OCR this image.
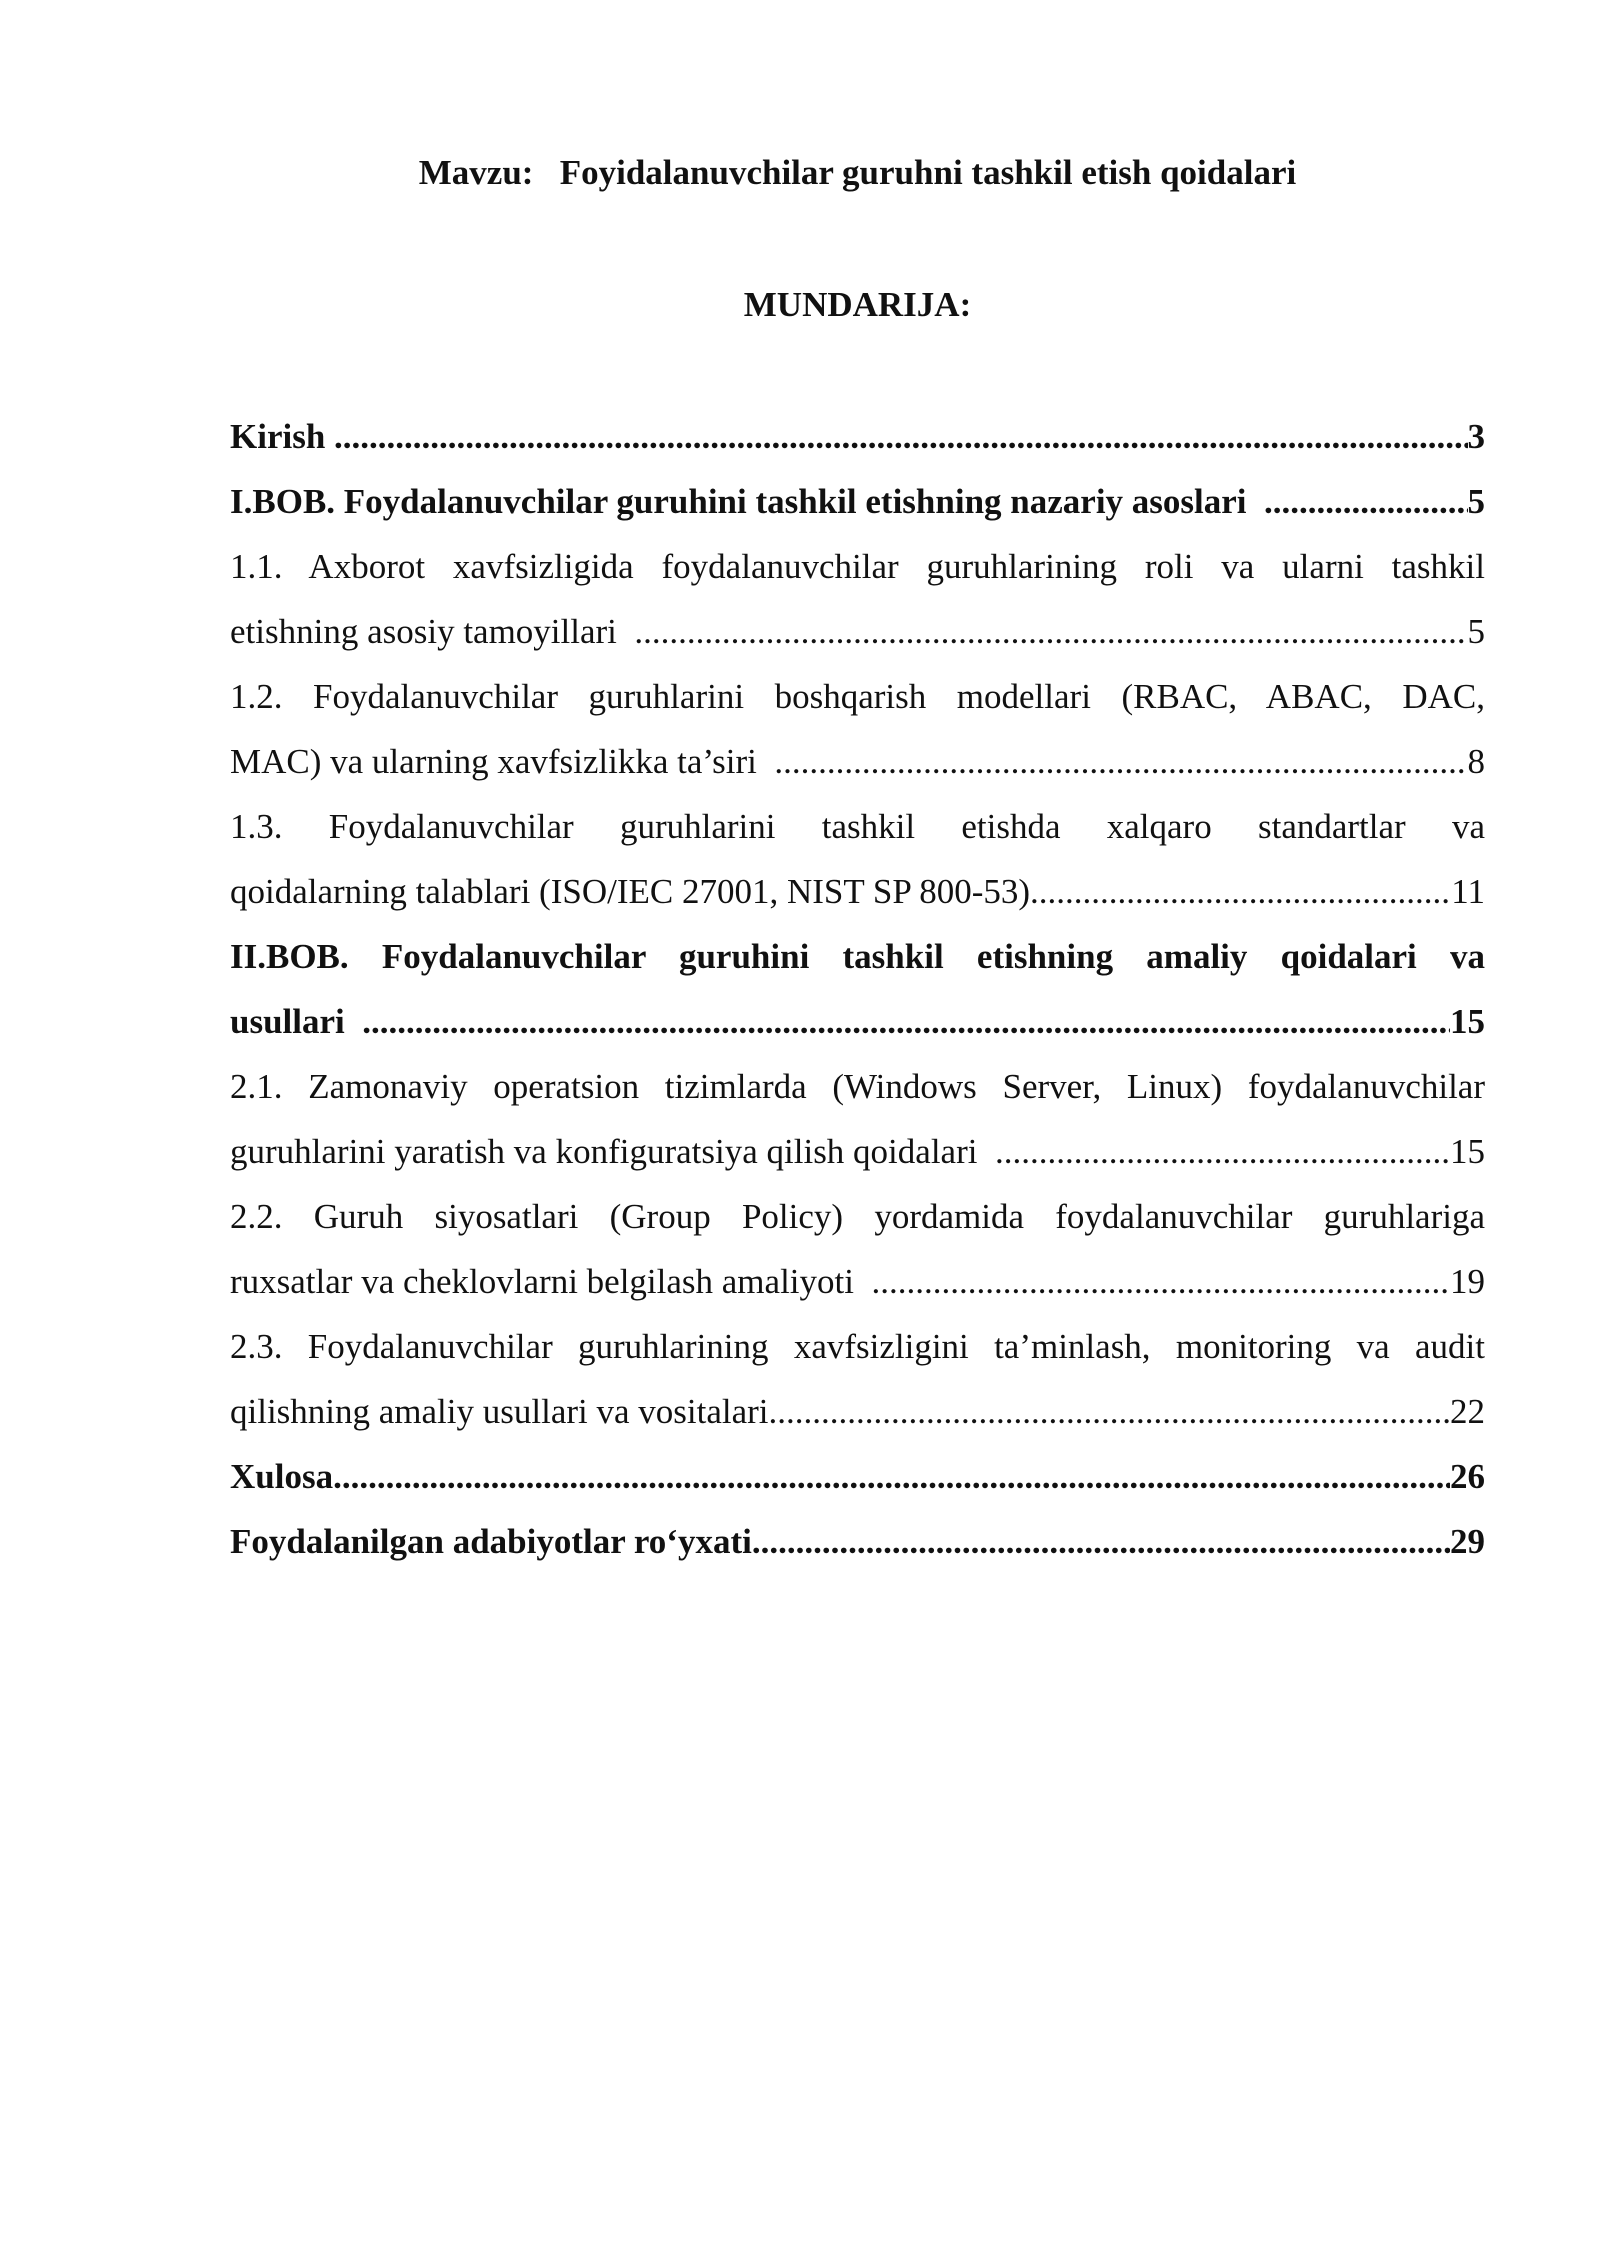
Mavzu: Foyidalanuvchilar guruhni tashkil etish qoidalari
MUNDARIJA:
Kirish .....	3
I.BOB. Foydalanuvchilar guruhini tashkil etishning nazariy asoslari .....	5
1.1. Axborot xavfsizligida foydalanuvchilar guruhlarining roli va ularni tashkil
etishning asosiy tamoyillari .....	5
1.2. Foydalanuvchilar guruhlarini boshqarish modellari (RBAC, ABAC, DAC,
MAC) va ularning xavfsizlikka ta’siri .....	8
1.3. Foydalanuvchilar guruhlarini tashkil etishda xalqaro standartlar va
qoidalarning talablari (ISO/IEC 27001, NIST SP 800-53) .....	11
II.BOB. Foydalanuvchilar guruhini tashkil etishning amaliy qoidalari va
usullari .....	15
2.1. Zamonaviy operatsion tizimlarda (Windows Server, Linux) foydalanuvchilar
guruhlarini yaratish va konfiguratsiya qilish qoidalari .....	15
2.2. Guruh siyosatlari (Group Policy) yordamida foydalanuvchilar guruhlariga
ruxsatlar va cheklovlarni belgilash amaliyoti .....	19
2.3. Foydalanuvchilar guruhlarining xavfsizligini ta’minlash, monitoring va audit
qilishning amaliy usullari va vositalari .....	22
Xulosa .....	26
Foydalanilgan adabiyotlar ro‘yxati .....	29
